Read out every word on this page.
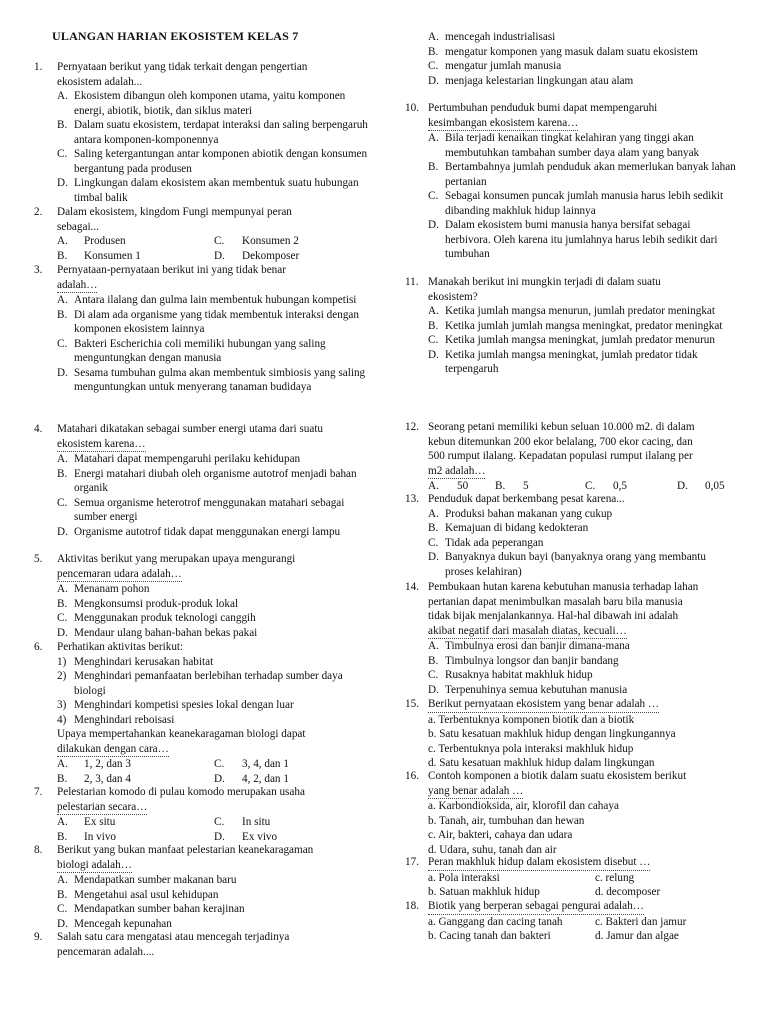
ULANGAN HARIAN EKOSISTEM KELAS 7
1.	Pernyataan berikut yang tidak terkait dengan pengertian
ekosistem adalah...
A. Ekosistem dibangun oleh komponen utama, yaitu komponen energi, abiotik, biotik, dan siklus materi
B. Dalam suatu ekosistem, terdapat interaksi dan saling berpengaruh antara komponen-komponennya
C. Saling ketergantungan antar komponen abiotik dengan konsumen bergantung pada produsen
D. Lingkungan dalam ekosistem akan membentuk suatu hubungan timbal balik
2.	Dalam ekosistem, kingdom Fungi mempunyai peran
sebagai...
A. Produsen	C. Konsumen 2
B. Konsumen 1	D. Dekomposer
3.	Pernyataan-pernyataan berikut ini yang tidak benar
adalah…
A. Antara ilalang dan gulma lain membentuk hubungan kompetisi
B. Di alam ada organisme yang tidak membentuk interaksi dengan komponen ekosistem lainnya
C. Bakteri Escherichia coli memiliki hubungan yang saling menguntungkan dengan manusia
D. Sesama tumbuhan gulma akan membentuk simbiosis yang saling menguntungkan untuk menyerang tanaman budidaya
4.	Matahari dikatakan sebagai sumber energi utama dari suatu
ekosistem karena…
A. Matahari dapat mempengaruhi perilaku kehidupan
B. Energi matahari diubah oleh organisme autotrof menjadi bahan organik
C. Semua organisme heterotrof menggunakan matahari sebagai sumber energi
D. Organisme autotrof tidak dapat menggunakan energi lampu
5.	Aktivitas berikut yang merupakan upaya mengurangi
pencemaran udara adalah…
A. Menanam pohon
B. Mengkonsumsi produk-produk lokal
C. Menggunakan produk teknologi canggih
D. Mendaur ulang bahan-bahan bekas pakai
6.	Perhatikan aktivitas berikut:
1) Menghindari kerusakan habitat
2) Menghindari pemanfaatan berlebihan terhadap sumber daya biologi
3) Menghindari kompetisi spesies lokal dengan luar
4) Menghindari reboisasi
Upaya mempertahankan keanekaragaman biologi dapat
dilakukan dengan cara…
A. 1, 2, dan 3	C. 3, 4, dan 1
B. 2, 3, dan 4	D. 4, 2, dan 1
7.	Pelestarian komodo di pulau komodo merupakan usaha
pelestarian secara…
A. Ex situ	C. In situ
B. In vivo	D. Ex vivo
8.	Berikut yang bukan manfaat pelestarian keanekaragaman
biologi adalah…
A. Mendapatkan sumber makanan baru
B. Mengetahui asal usul kehidupan
C. Mendapatkan sumber bahan kerajinan
D. Mencegah kepunahan
9.	Salah satu cara mengatasi atau mencegah terjadinya
pencemaran adalah....
A. mencegah industrialisasi
B. mengatur komponen yang masuk dalam suatu ekosistem
C. mengatur jumlah manusia
D. menjaga kelestarian lingkungan atau alam
10. Pertumbuhan penduduk bumi dapat mempengaruhi
kesimbangan ekosistem karena…
A. Bila terjadi kenaikan tingkat kelahiran yang tinggi akan membutuhkan tambahan sumber daya alam yang banyak
B. Bertambahnya jumlah penduduk akan memerlukan banyak lahan pertanian
C. Sebagai konsumen puncak jumlah manusia harus lebih sedikit dibanding makhluk hidup lainnya
D. Dalam ekosistem bumi manusia hanya bersifat sebagai herbivora. Oleh karena itu jumlahnya harus lebih sedikit dari tumbuhan
11. Manakah berikut ini mungkin terjadi di dalam suatu
ekosistem?
A. Ketika jumlah mangsa menurun, jumlah predator meningkat
B. Ketika jumlah jumlah mangsa meningkat, predator meningkat
C. Ketika jumlah mangsa meningkat, jumlah predator menurun
D. Ketika jumlah mangsa meningkat, jumlah predator tidak terpengaruh
12. Seorang petani memiliki kebun seluan 10.000 m2. di dalam
kebun ditemunkan 200 ekor belalang, 700 ekor cacing, dan
500 rumput ilalang. Kepadatan populasi rumput ilalang per
m2 adalah…
A. 50 B. 5	C. 0,5	D. 0,05
13. Penduduk dapat berkembang pesat karena...
A. Produksi bahan makanan yang cukup
B. Kemajuan di bidang kedokteran
C. Tidak ada peperangan
D. Banyaknya dukun bayi (banyaknya orang yang membantu proses kelahiran)
14. Pembukaan hutan karena kebutuhan manusia terhadap lahan
pertanian dapat menimbulkan masalah baru bila manusia
tidak bijak menjalankannya. Hal-hal dibawah ini adalah
akibat negatif dari masalah diatas, kecuali…
A. Timbulnya erosi dan banjir dimana-mana
B. Timbulnya longsor dan banjir bandang
C. Rusaknya habitat makhluk hidup
D. Terpenuhinya semua kebutuhan manusia
15. Berikut pernyataan ekosistem yang benar adalah …
a. Terbentuknya komponen biotik dan a biotik
b. Satu kesatuan makhluk hidup dengan lingkungannya
c. Terbentuknya pola interaksi makhluk hidup
d. Satu kesatuan makhluk hidup dalam lingkungan
16. Contoh komponen a biotik dalam suatu ekosistem berikut
yang benar adalah …
a. Karbondioksida, air, klorofil dan cahaya
b. Tanah, air, tumbuhan dan hewan
c. Air, bakteri, cahaya dan udara
d. Udara, suhu, tanah dan air
17. Peran makhluk hidup dalam ekosistem disebut …
a. Pola interaksi	c. relung
b. Satuan makhluk hidup	d. decomposer
18. Biotik yang berperan sebagai pengurai adalah…
a. Ganggang dan cacing tanah	c. Bakteri dan jamur
b. Cacing tanah dan bakteri	d. Jamur dan algae
